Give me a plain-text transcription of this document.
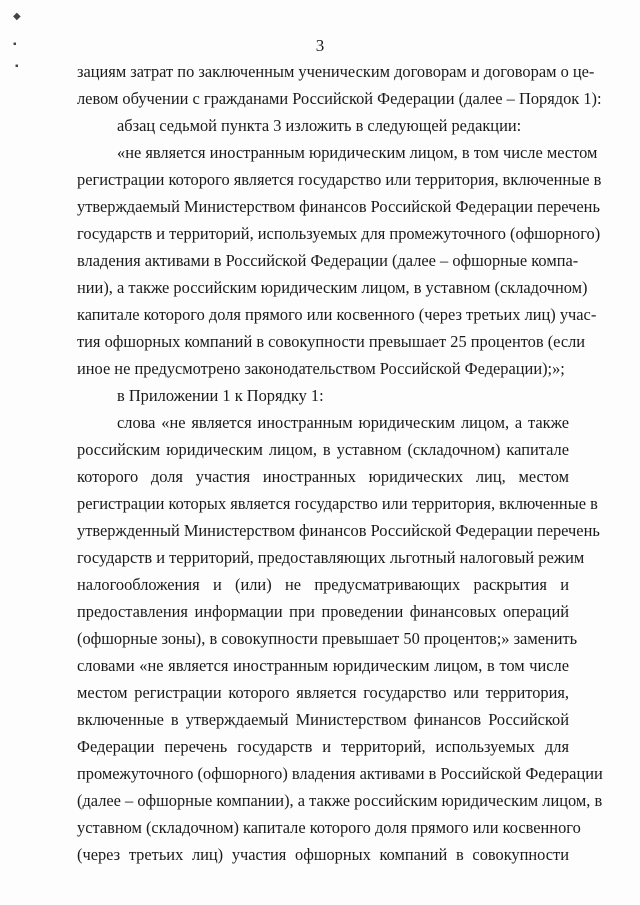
◆
▪
▪
3
зациям затрат по заключенным ученическим договорам и договорам о це-
левом обучении с гражданами Российской Федерации (далее – Порядок 1):
абзац седьмой пункта 3 изложить в следующей редакции:
«не является иностранным юридическим лицом, в том числе местом
регистрации которого является государство или территория, включенные в
утверждаемый Министерством финансов Российской Федерации перечень
государств и территорий, используемых для промежуточного (офшорного)
владения активами в Российской Федерации (далее – офшорные компа-
нии), а также российским юридическим лицом, в уставном (складочном)
капитале которого доля прямого или косвенного (через третьих лиц) учас-
тия офшорных компаний в совокупности превышает 25 процентов (если
иное не предусмотрено законодательством Российской Федерации);»;
в Приложении 1 к Порядку 1:
слова «не является иностранным юридическим лицом, а также
российским юридическим лицом, в уставном (складочном) капитале
которого доля участия иностранных юридических лиц, местом
регистрации которых является государство или территория, включенные в
утвержденный Министерством финансов Российской Федерации перечень
государств и территорий, предоставляющих льготный налоговый режим
налогообложения и (или) не предусматривающих раскрытия и
предоставления информации при проведении финансовых операций
(офшорные зоны), в совокупности превышает 50 процентов;» заменить
словами «не является иностранным юридическим лицом, в том числе
местом регистрации которого является государство или территория,
включенные в утверждаемый Министерством финансов Российской
Федерации перечень государств и территорий, используемых для
промежуточного (офшорного) владения активами в Российской Федерации
(далее – офшорные компании), а также российским юридическим лицом, в
уставном (складочном) капитале которого доля прямого или косвенного
(через третьих лиц) участия офшорных компаний в совокупности
